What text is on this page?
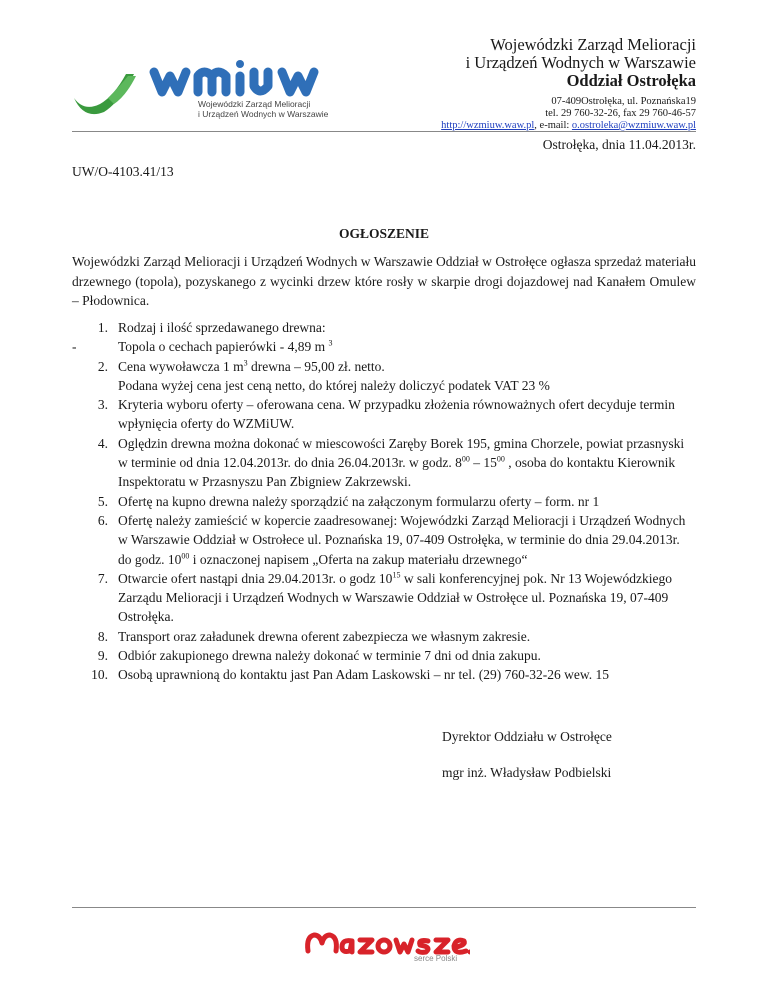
Wojewódzki Zarząd Melioracji
i Urządzeń Wodnych w Warszawie
Wojewódzki Zarząd Melioracji
i Urządzeń Wodnych w Warszawie
Oddział Ostrołęka
07-409Ostrołęka, ul. Poznańska19
tel. 29 760-32-26, fax 29 760-46-57
http://wzmiuw.waw.pl, e-mail: o.ostroleka@wzmiuw.waw.pl
Ostrołęka, dnia 11.04.2013r.
UW/O-4103.41/13
OGŁOSZENIE
Wojewódzki Zarząd Melioracji i Urządzeń Wodnych w Warszawie Oddział w Ostrołęce ogłasza sprzedaż materiału drzewnego (topola), pozyskanego z wycinki drzew które rosły w skarpie drogi dojazdowej nad Kanałem Omulew – Płodownica.
1. Rodzaj i ilość sprzedawanego drewna:
-	Topola o cechach papierówki - 4,89 m $^3$
2. Cena wywoławcza 1 $m^3$ drewna – 95,00 zł. netto.
Podana wyżej cena jest ceną netto, do której należy doliczyć podatek VAT 23 %
3. Kryteria wyboru oferty – oferowana cena. W przypadku złożenia równoważnych ofert decyduje termin wpłynięcia oferty do WZMiUW.
4. Oględzin drewna można dokonać w miescowości Zaręby Borek 195, gmina Chorzele, powiat przasnyski w terminie od dnia 12.04.2013r. do dnia 26.04.2013r. w godz. $8^{00} - 15^{00}$ , osoba do kontaktu Kierownik Inspektoratu w Przasnyszu Pan Zbigniew Zakrzewski.
5. Ofertę na kupno drewna należy sporządzić na załączonym formularzu oferty – form. nr 1
6. Ofertę należy zamieścić w kopercie zaadresowanej: Wojewódzki Zarząd Melioracji i Urządzeń Wodnych w Warszawie Oddział w Ostrołece ul. Poznańska 19, 07-409 Ostrołęka, w terminie do dnia 29.04.2013r. do godz. $10^{00}$ i oznaczonej napisem „Oferta na zakup materiału drzewnego“
7. Otwarcie ofert nastąpi dnia 29.04.2013r. o godz $10^{15}$ w sali konferencyjnej pok. Nr 13 Wojewódzkiego Zarządu Melioracji i Urządzeń Wodnych w Warszawie Oddział w Ostrołęce ul. Poznańska 19, 07-409 Ostrołęka.
8. Transport oraz załadunek drewna oferent zabezpiecza we własnym zakresie.
9. Odbiór zakupionego drewna należy dokonać w terminie 7 dni od dnia zakupu.
10. Osobą uprawnioną do kontaktu jast Pan Adam Laskowski – nr tel. (29) 760-32-26 wew. 15
Dyrektor Oddziału w Ostrołęce
mgr inż. Władysław Podbielski
serce Polski
